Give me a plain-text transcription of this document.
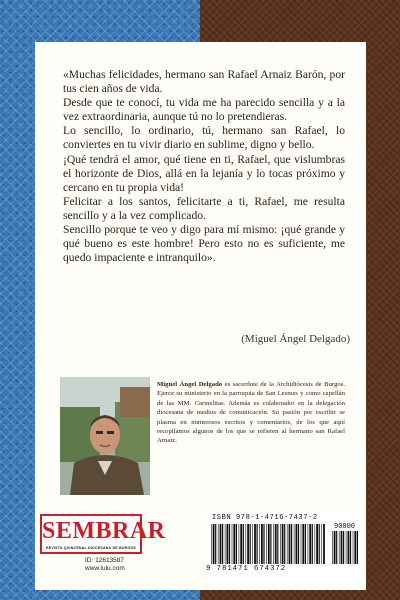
«Muchas felicidades, hermano san Rafael Arnaiz Barón, por tus cien años de vida.

Desde que te conocí, tu vida me ha parecido sencilla y a la vez extraordinaria, aunque tú no lo pretendieras.

Lo sencillo, lo ordinario, tú, hermano san Rafael, lo conviertes en tu vivir diario en sublime, digno y bello.

¡Qué tendrá el amor, qué tiene en ti, Rafael, que vislumbras el horizonte de Dios, allá en la lejanía y lo tocas próximo y cercano en tu propia vida!

Felicitar a los santos, felicitarte a ti, Rafael, me resulta sencillo y a la vez complicado.

Sencillo porque te veo y digo para mí mismo: ¡qué grande y qué bueno es este hombre! Pero esto no es suficiente, me quedo impaciente e intranquilo».

(Miguel Ángel Delgado)
Miguel Ángel Delgado es sacerdote de la Archidiócesis de Burgos. Ejerce su ministerio en la parroquia de San Lesmes y como capellán de las MM. Carmelitas. Además es colaborador en la delegación diocesana de medios de comunicación. Su pasión por escribir se plasma en numerosos escritos y comentarios, de los que aquí recopilamos algunos de los que se refieren al hermano san Rafael Arnaiz.
SEMBRAR
REVISTA QUINCENAL DIOCESANA DE BURGOS
ID: 12613587
www.lulu.com
ISBN 978-1-4716-7437-2
90000
9 781471 674372
